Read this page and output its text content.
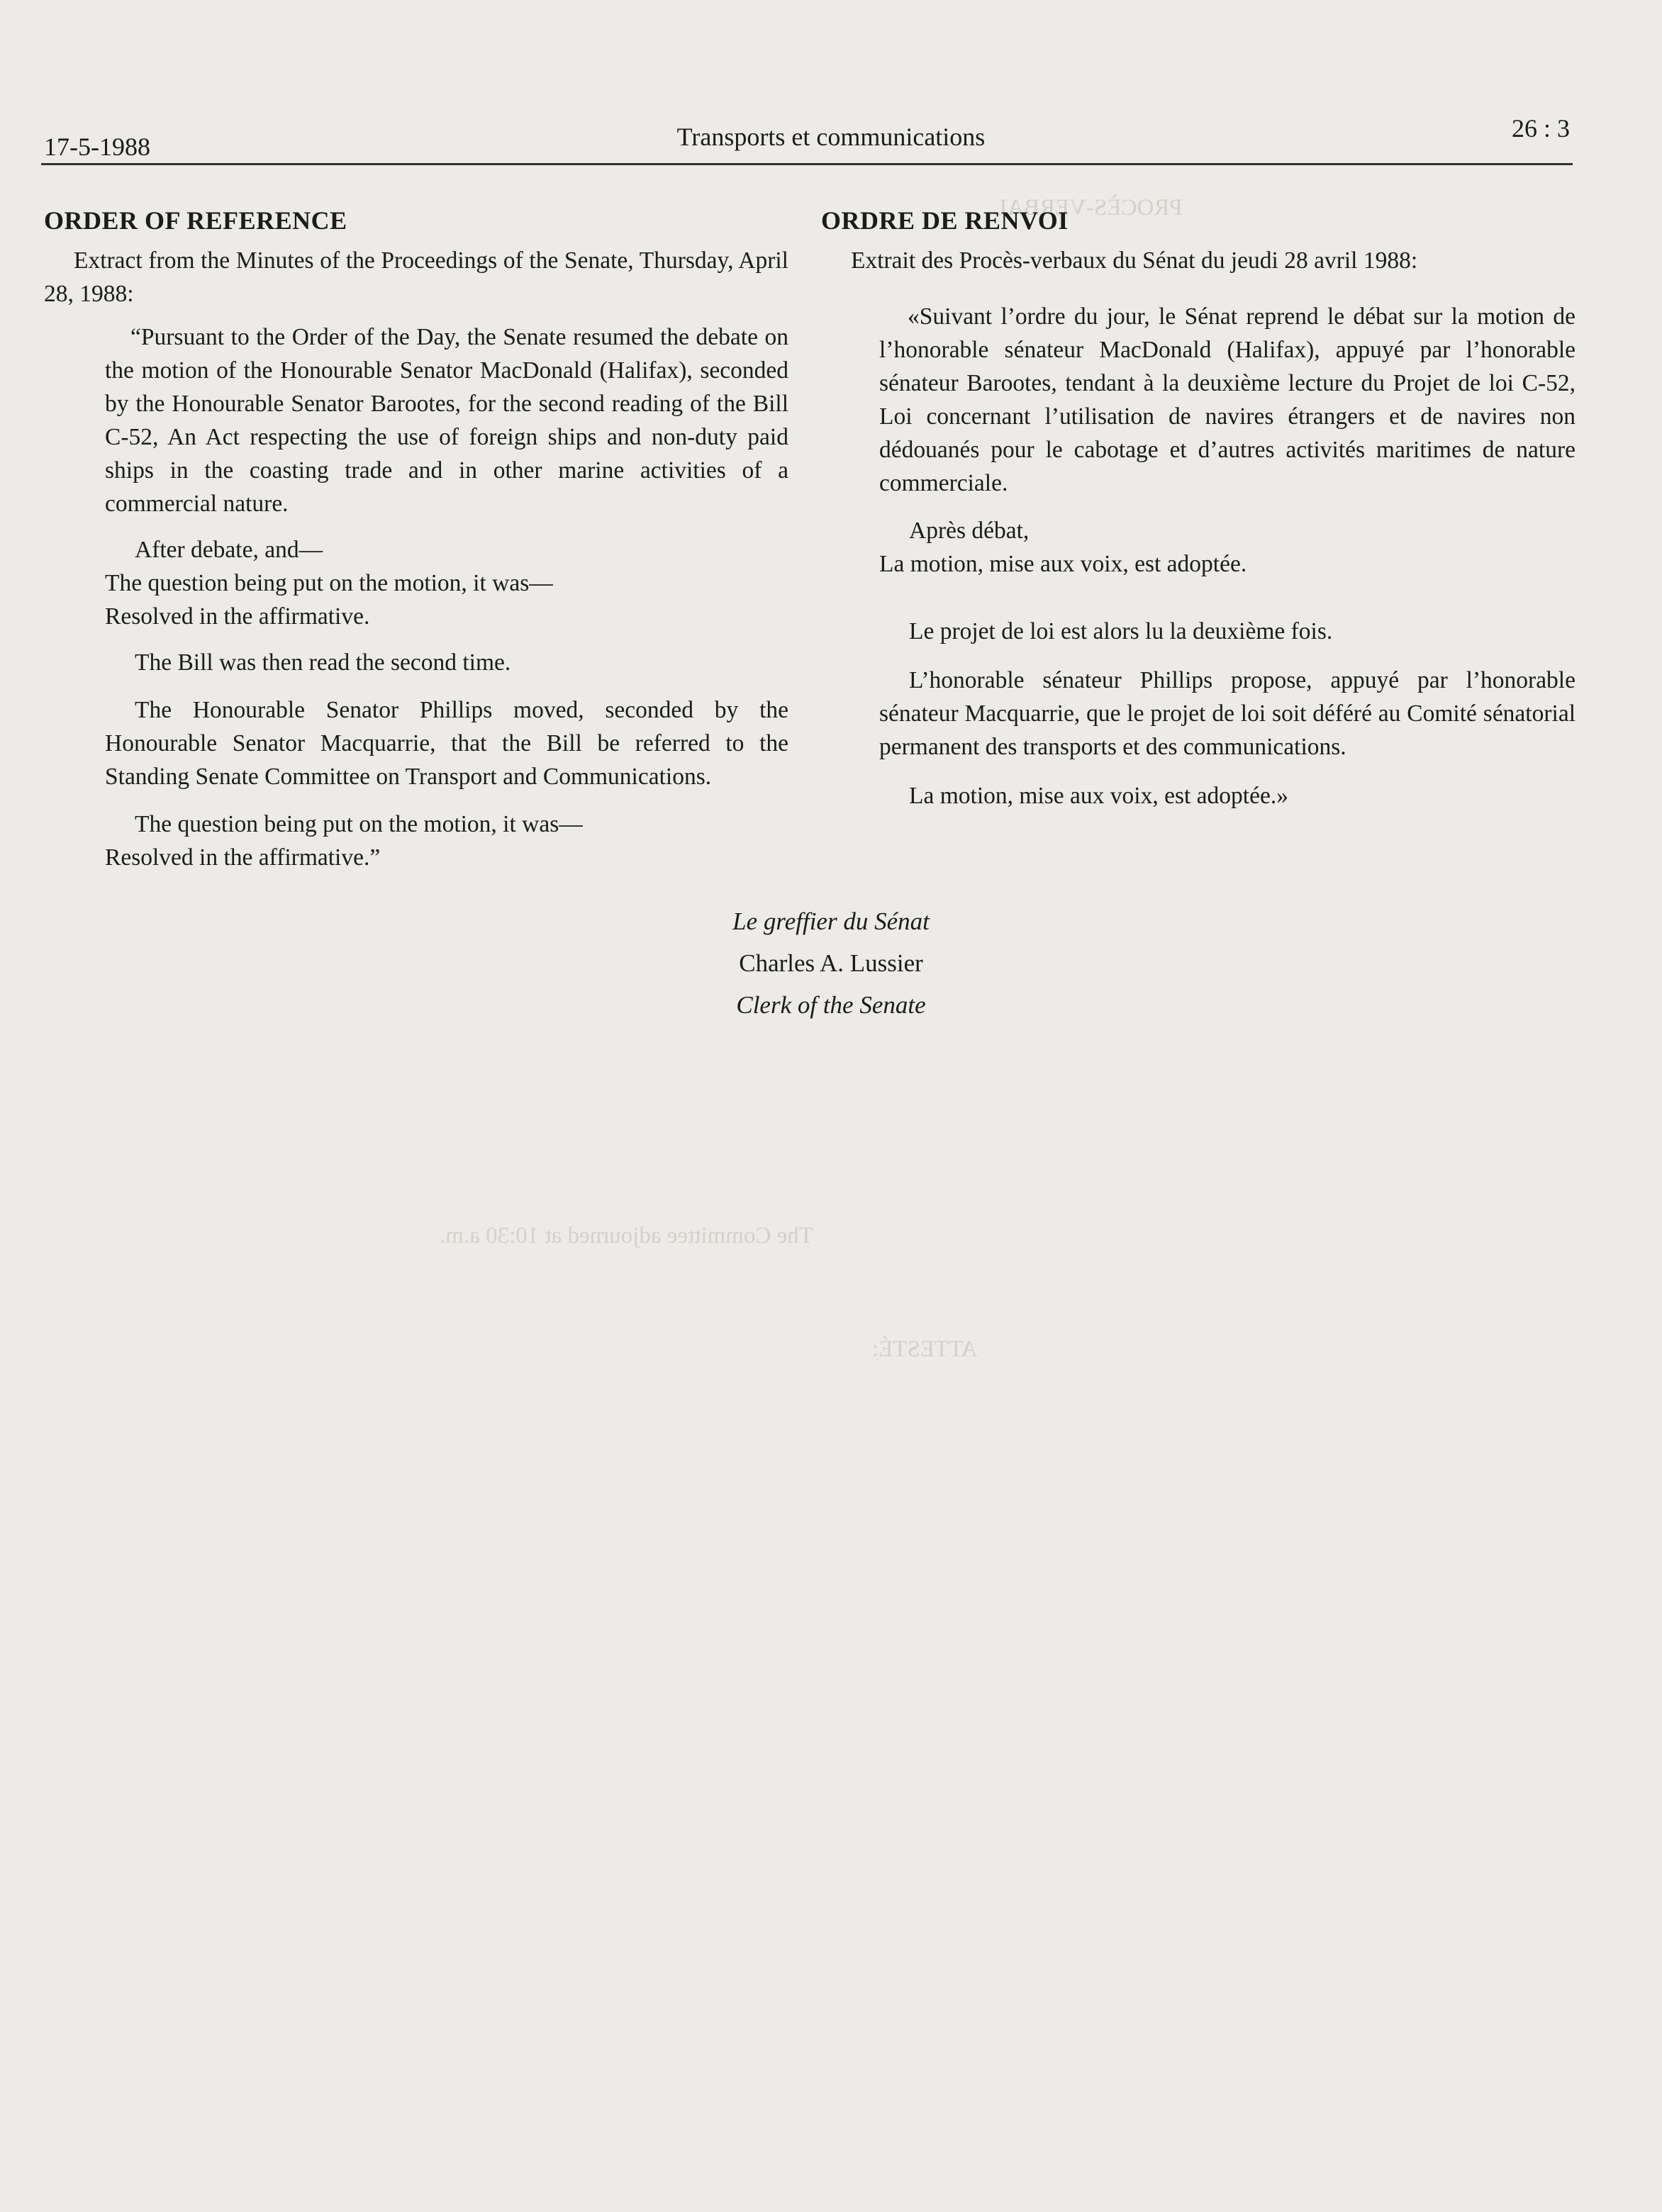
PROCÈS-VERBAL
The Committee adjourned at 10:30 a.m.
ATTESTÉ:
17-5-1988	Transports et communications	26 : 3
ORDER OF REFERENCE

Extract from the Minutes of the Proceedings of the Senate, Thursday, April 28, 1988:

“Pursuant to the Order of the Day, the Senate resumed the debate on the motion of the Honourable Senator MacDonald (Halifax), seconded by the Honourable Senator Barootes, for the second reading of the Bill C-52, An Act respecting the use of foreign ships and non-duty paid ships in the coasting trade and in other marine activities of a commercial nature.

After debate, and—

The question being put on the motion, it was—

Resolved in the affirmative.

The Bill was then read the second time.

The Honourable Senator Phillips moved, seconded by the Honourable Senator Macquarrie, that the Bill be referred to the Standing Senate Committee on Transport and Communications.

The question being put on the motion, it was—

Resolved in the affirmative.”

ORDRE DE RENVOI

Extrait des Procès-verbaux du Sénat du jeudi 28 avril 1988:

«Suivant l’ordre du jour, le Sénat reprend le débat sur la motion de l’honorable sénateur MacDonald (Halifax), appuyé par l’honorable sénateur Barootes, tendant à la deuxième lecture du Projet de loi C-52, Loi concernant l’utilisation de navires étrangers et de navires non dédouanés pour le cabotage et d’autres activités maritimes de nature commerciale.

Après débat,

La motion, mise aux voix, est adoptée.

Le projet de loi est alors lu la deuxième fois.

L’honorable sénateur Phillips propose, appuyé par l’honorable sénateur Macquarrie, que le projet de loi soit déféré au Comité sénatorial permanent des transports et des communications.

La motion, mise aux voix, est adoptée.»

Le greffier du Sénat
Charles A. Lussier
Clerk of the Senate
